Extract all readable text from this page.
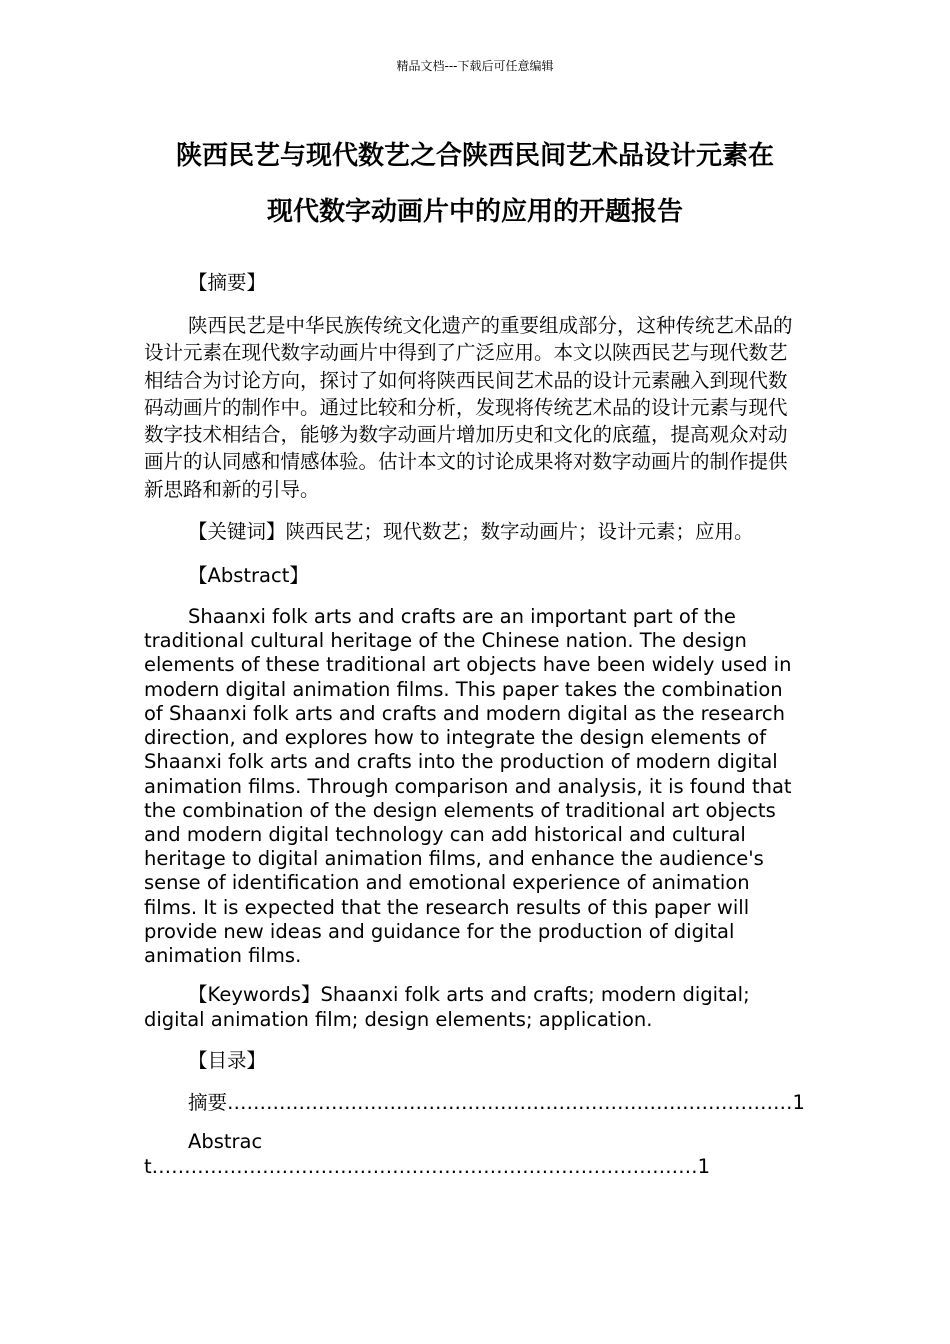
精品文档---下载后可任意编辑
陕西民艺与现代数艺之合陕西民间艺术品设计元素在
现代数字动画片中的应用的开题报告

【摘要】

陕西民艺是中华民族传统文化遗产的重要组成部分，这种传统艺术品的设计元素在现代数字动画片中得到了广泛应用。本文以陕西民艺与现代数艺相结合为讨论方向，探讨了如何将陕西民间艺术品的设计元素融入到现代数码动画片的制作中。通过比较和分析，发现将传统艺术品的设计元素与现代数字技术相结合，能够为数字动画片增加历史和文化的底蕴，提高观众对动画片的认同感和情感体验。估计本文的讨论成果将对数字动画片的制作提供新思路和新的引导。

【关键词】陕西民艺；现代数艺；数字动画片；设计元素；应用。

【Abstract】

Shaanxi folk arts and crafts are an important part of the traditional cultural heritage of the Chinese nation. The design elements of these traditional art objects have been widely used in modern digital animation films. This paper takes the combination of Shaanxi folk arts and crafts and modern digital as the research direction, and explores how to integrate the design elements of Shaanxi folk arts and crafts into the production of modern digital animation films. Through comparison and analysis, it is found that the combination of the design elements of traditional art objects and modern digital technology can add historical and cultural heritage to digital animation films, and enhance the audience's sense of identification and emotional experience of animation films. It is expected that the research results of this paper will provide new ideas and guidance for the production of digital animation films.

【Keywords】Shaanxi folk arts and crafts; modern digital; digital animation film; design elements; application.

【目录】

摘要……………………………………………………………………………1

Abstract…………………………………………………………………………1
